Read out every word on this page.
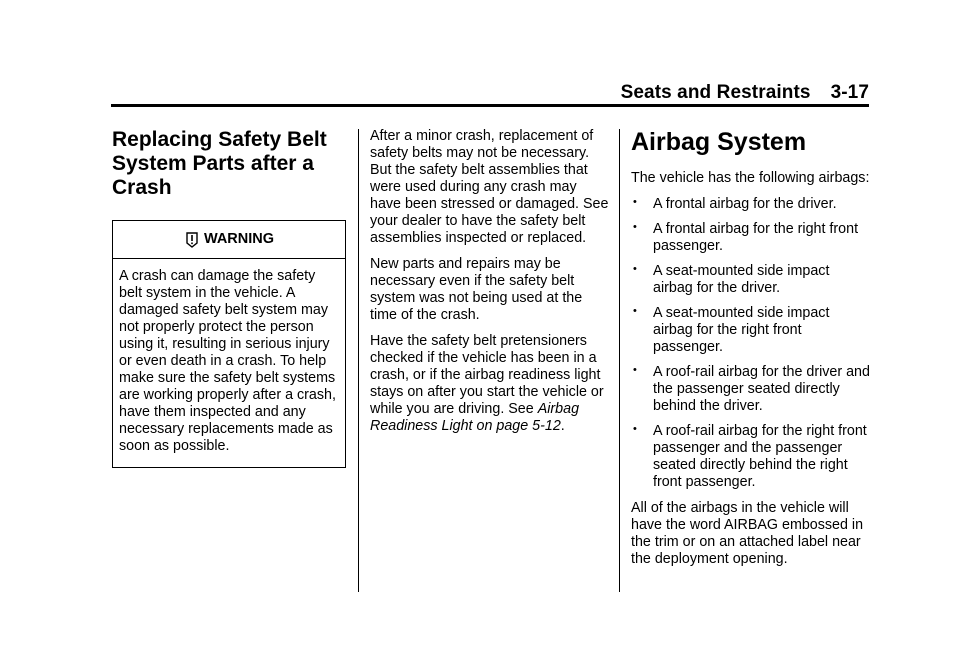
Seats and Restraints 3-17
Replacing Safety Belt System Parts after a Crash
WARNING
A crash can damage the safety belt system in the vehicle. A damaged safety belt system may not properly protect the person using it, resulting in serious injury or even death in a crash. To help make sure the safety belt systems are working properly after a crash, have them inspected and any necessary replacements made as soon as possible.

After a minor crash, replacement of safety belts may not be necessary. But the safety belt assemblies that were used during any crash may have been stressed or damaged. See your dealer to have the safety belt assemblies inspected or replaced.

New parts and repairs may be necessary even if the safety belt system was not being used at the time of the crash.

Have the safety belt pretensioners checked if the vehicle has been in a crash, or if the airbag readiness light stays on after you start the vehicle or while you are driving. See Airbag Readiness Light on page 5-12.

Airbag System

The vehicle has the following airbags:

• A frontal airbag for the driver.
• A frontal airbag for the right front passenger.
• A seat-mounted side impact airbag for the driver.
• A seat-mounted side impact airbag for the right front passenger.
• A roof-rail airbag for the driver and the passenger seated directly behind the driver.
• A roof-rail airbag for the right front passenger and the passenger seated directly behind the right front passenger.

All of the airbags in the vehicle will have the word AIRBAG embossed in the trim or on an attached label near the deployment opening.
